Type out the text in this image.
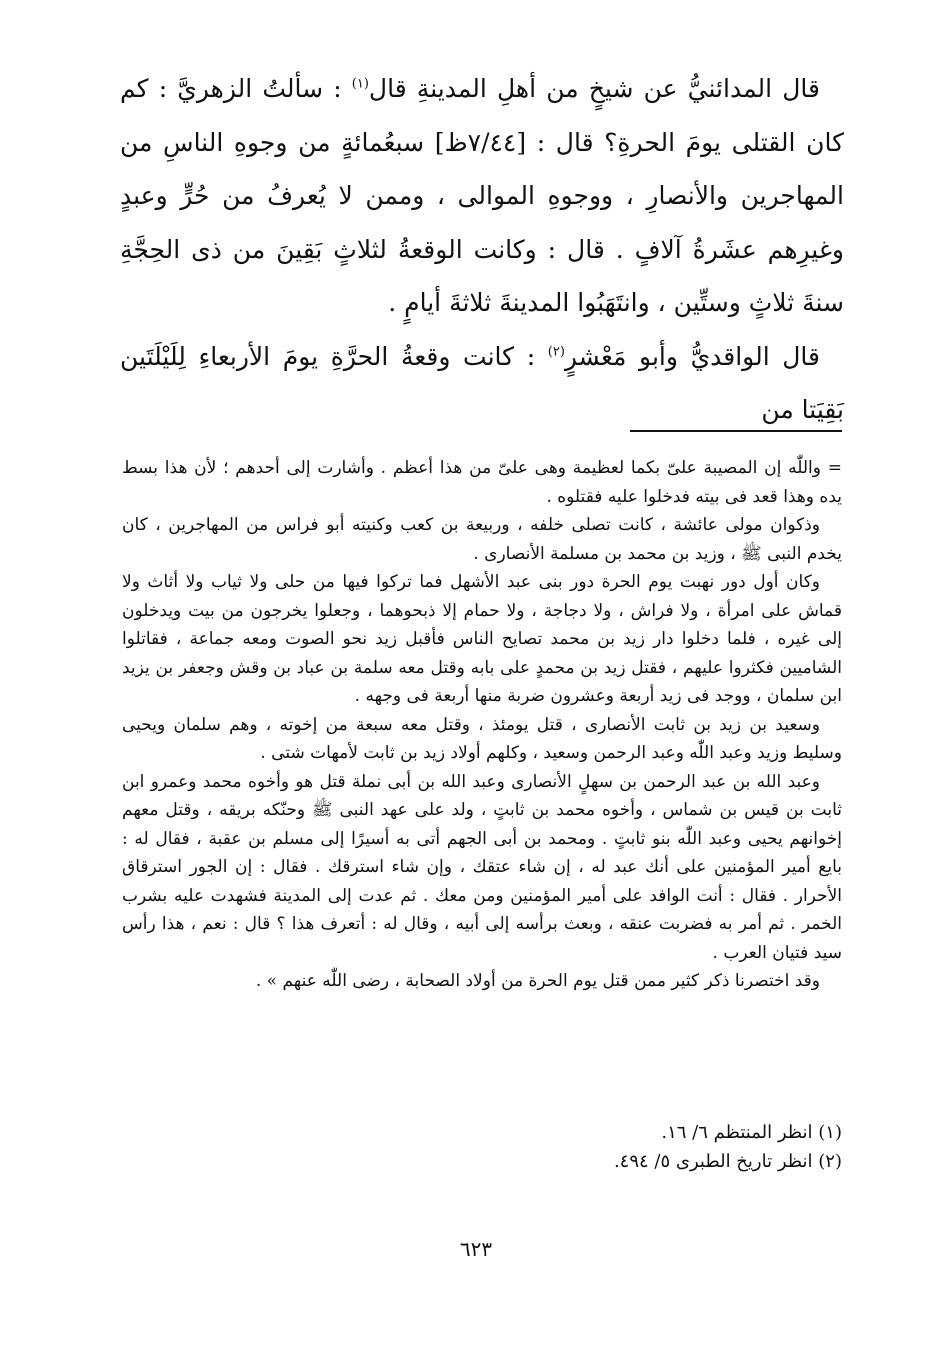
قال المدائنيُّ عن شيخٍ من أهلِ المدينةِ قال$^{(١)}$ : سألتُ الزهريَّ : كم كان القتلى يومَ الحرةِ؟ قال : [٧/٤٤ظ] سبعُمائةٍ من وجوهِ الناسِ من المهاجرين والأنصارِ ، ووجوهِ الموالى ، وممن لا يُعرفُ من حُرٍّ وعبدٍ وغيرِهم عشَرةُ آلافٍ . قال : وكانت الوقعةُ لثلاثٍ بَقِينَ من ذى الحِجَّةِ سنةَ ثلاثٍ وستِّين ، وانتَهَبُوا المدينةَ ثلاثةَ أيامٍ .

قال الواقديُّ وأبو مَعْشرٍ$^{(٢)}$ : كانت وقعةُ الحرَّةِ يومَ الأربعاءِ لِلَيْلَتَين بَقِيَتا من

= واللّٰه إن المصيبة علىّ بكما لعظيمة وهى علىّ من هذا أعظم . وأشارت إلى أحدهم ؛ لأن هذا بسط يده وهذا قعد فى بيته فدخلوا عليه فقتلوه .

وذكوان مولى عائشة ، كانت تصلى خلفه ، وربيعة بن كعب وكنيته أبو فراس من المهاجرين ، كان يخدم النبى ﷺ ، وزيد بن محمد بن مسلمة الأنصارى .

وكان أول دور نهبت يوم الحرة دور بنى عبد الأشهل فما تركوا فيها من حلى ولا ثياب ولا أثاث ولا قماش على امرأة ، ولا فراش ، ولا دجاجة ، ولا حمام إلا ذبحوهما ، وجعلوا يخرجون من بيت ويدخلون إلى غيره ، فلما دخلوا دار زيد بن محمد تصايح الناس فأقبل زيد نحو الصوت ومعه جماعة ، فقاتلوا الشاميين فكثروا عليهم ، فقتل زيد بن محمدٍ على بابه وقتل معه سلمة بن عباد بن وقش وجعفر بن يزيد ابن سلمان ، ووجد فى زيد أربعة وعشرون ضربة منها أربعة فى وجهه .

وسعيد بن زيد بن ثابت الأنصارى ، قتل يومئذ ، وقتل معه سبعة من إخوته ، وهم سلمان ويحيى وسليط وزيد وعبد اللّٰه وعبد الرحمن وسعيد ، وكلهم أولاد زيد بن ثابت لأمهات شتى .

وعبد الله بن عبد الرحمن بن سهلٍ الأنصارى وعبد الله بن أبى نملة قتل هو وأخوه محمد وعمرو ابن ثابت بن قيس بن شماس ، وأخوه محمد بن ثابتٍ ، ولد على عهد النبى ﷺ وحنّكه بريقه ، وقتل معهم إخوانهم يحيى وعبد اللّٰه بنو ثابتٍ . ومحمد بن أبى الجهم أتى به أسيرًا إلى مسلم بن عقبة ، فقال له : بايع أمير المؤمنين على أنك عبد له ، إن شاء عتقك ، وإن شاء استرقك . فقال : إن الجور استرقاق الأحرار . فقال : أنت الوافد على أمير المؤمنين ومن معك . ثم عدت إلى المدينة فشهدت عليه بشرب الخمر . ثم أمر به فضربت عنقه ، وبعث برأسه إلى أبيه ، وقال له : أتعرف هذا ؟ قال : نعم ، هذا رأس سيد فتيان العرب .

وقد اختصرنا ذكر كثير ممن قتل يوم الحرة من أولاد الصحابة ، رضى اللّٰه عنهم » .

(١) انظر المنتظم ٦/ ١٦.

(٢) انظر تاريخ الطبرى ٥/ ٤٩٤.

٦٢٣
